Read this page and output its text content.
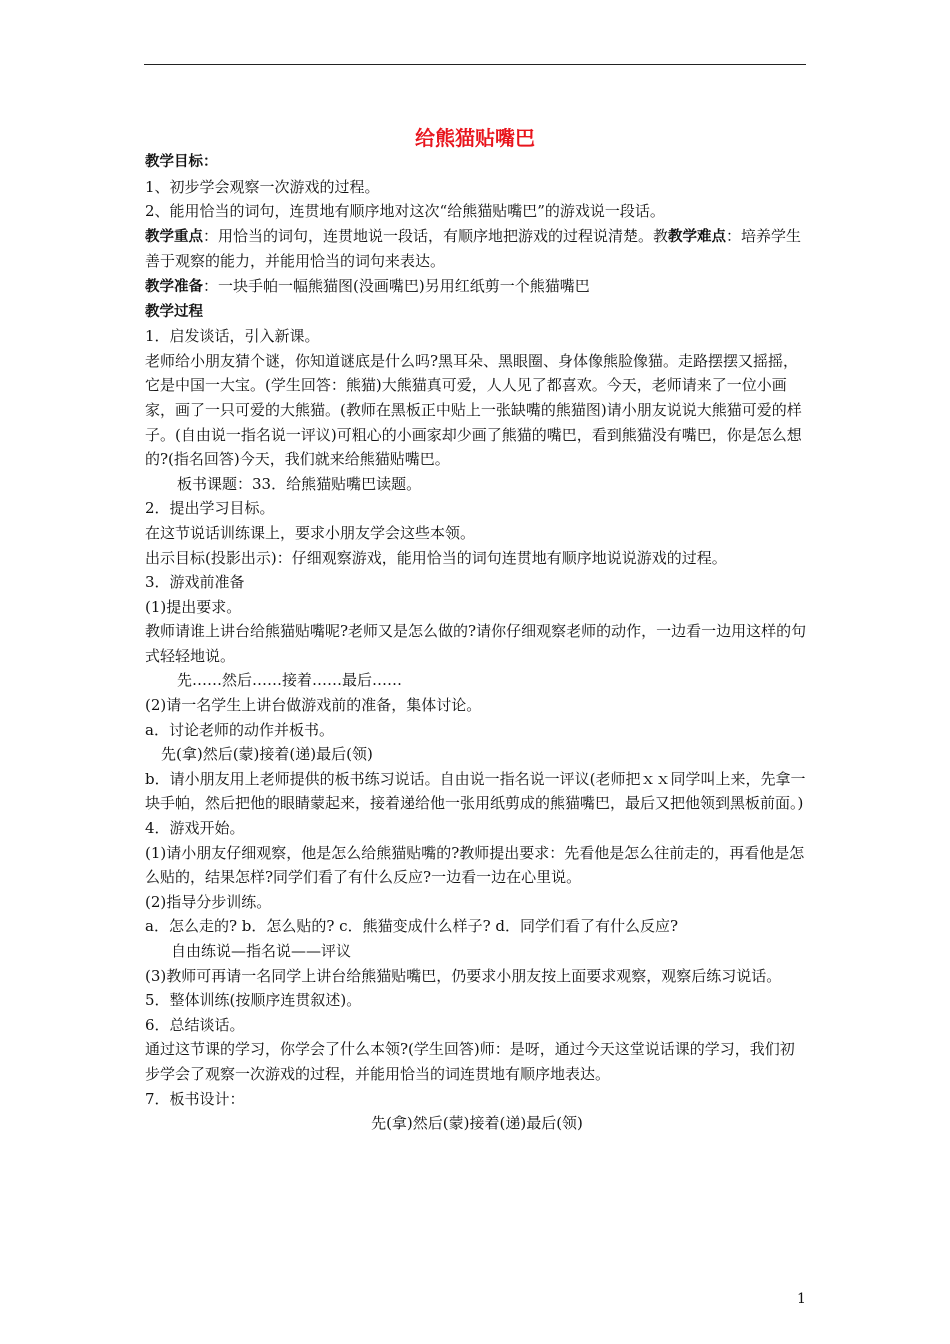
给熊猫贴嘴巴

教学目标：

1、初步学会观察一次游戏的过程。

2、能用恰当的词句，连贯地有顺序地对这次“给熊猫贴嘴巴”的游戏说一段话。

教学重点：用恰当的词句，连贯地说一段话，有顺序地把游戏的过程说清楚。教教学难点：培养学生善于观察的能力，并能用恰当的词句来表达。

教学准备：一块手帕一幅熊猫图(没画嘴巴)另用红纸剪一个熊猫嘴巴

教学过程

1．启发谈话，引入新课。

老师给小朋友猜个谜，你知道谜底是什么吗?黑耳朵、黑眼圈、身体像熊脸像猫。走路摆摆又摇摇，它是中国一大宝。(学生回答：熊猫)大熊猫真可爱，人人见了都喜欢。今天，老师请来了一位小画家，画了一只可爱的大熊猫。(教师在黑板正中贴上一张缺嘴的熊猫图)请小朋友说说大熊猫可爱的样子。(自由说一指名说一评议)可粗心的小画家却少画了熊猫的嘴巴，看到熊猫没有嘴巴，你是怎么想的?(指名回答)今天，我们就来给熊猫贴嘴巴。

板书课题：33．给熊猫贴嘴巴读题。

2．提出学习目标。

在这节说话训练课上，要求小朋友学会这些本领。

出示目标(投影出示)：仔细观察游戏，能用恰当的词句连贯地有顺序地说说游戏的过程。

3．游戏前准备

(1)提出要求。

教师请谁上讲台给熊猫贴嘴呢?老师又是怎么做的?请你仔细观察老师的动作，一边看一边用这样的句式轻轻地说。

先……然后……接着……最后……

(2)请一名学生上讲台做游戏前的准备，集体讨论。

a．讨论老师的动作并板书。

先(拿)然后(蒙)接着(递)最后(领)

b．请小朋友用上老师提供的板书练习说话。自由说一指名说一评议(老师把ｘｘ同学叫上来，先拿一块手帕，然后把他的眼睛蒙起来，接着递给他一张用纸剪成的熊猫嘴巴，最后又把他领到黑板前面。)

4．游戏开始。

(1)请小朋友仔细观察，他是怎么给熊猫贴嘴的?教师提出要求：先看他是怎么往前走的，再看他是怎么贴的，结果怎样?同学们看了有什么反应?一边看一边在心里说。

(2)指导分步训练。

a．怎么走的? b．怎么贴的? c．熊猫变成什么样子? d．同学们看了有什么反应?

自由练说—指名说——评议

(3)教师可再请一名同学上讲台给熊猫贴嘴巴，仍要求小朋友按上面要求观察，观察后练习说话。

5．整体训练(按顺序连贯叙述)。

6．总结谈话。

通过这节课的学习，你学会了什么本领?(学生回答)师：是呀，通过今天这堂说话课的学习，我们初步学会了观察一次游戏的过程，并能用恰当的词连贯地有顺序地表达。

7．板书设计：

先(拿)然后(蒙)接着(递)最后(领)

1
